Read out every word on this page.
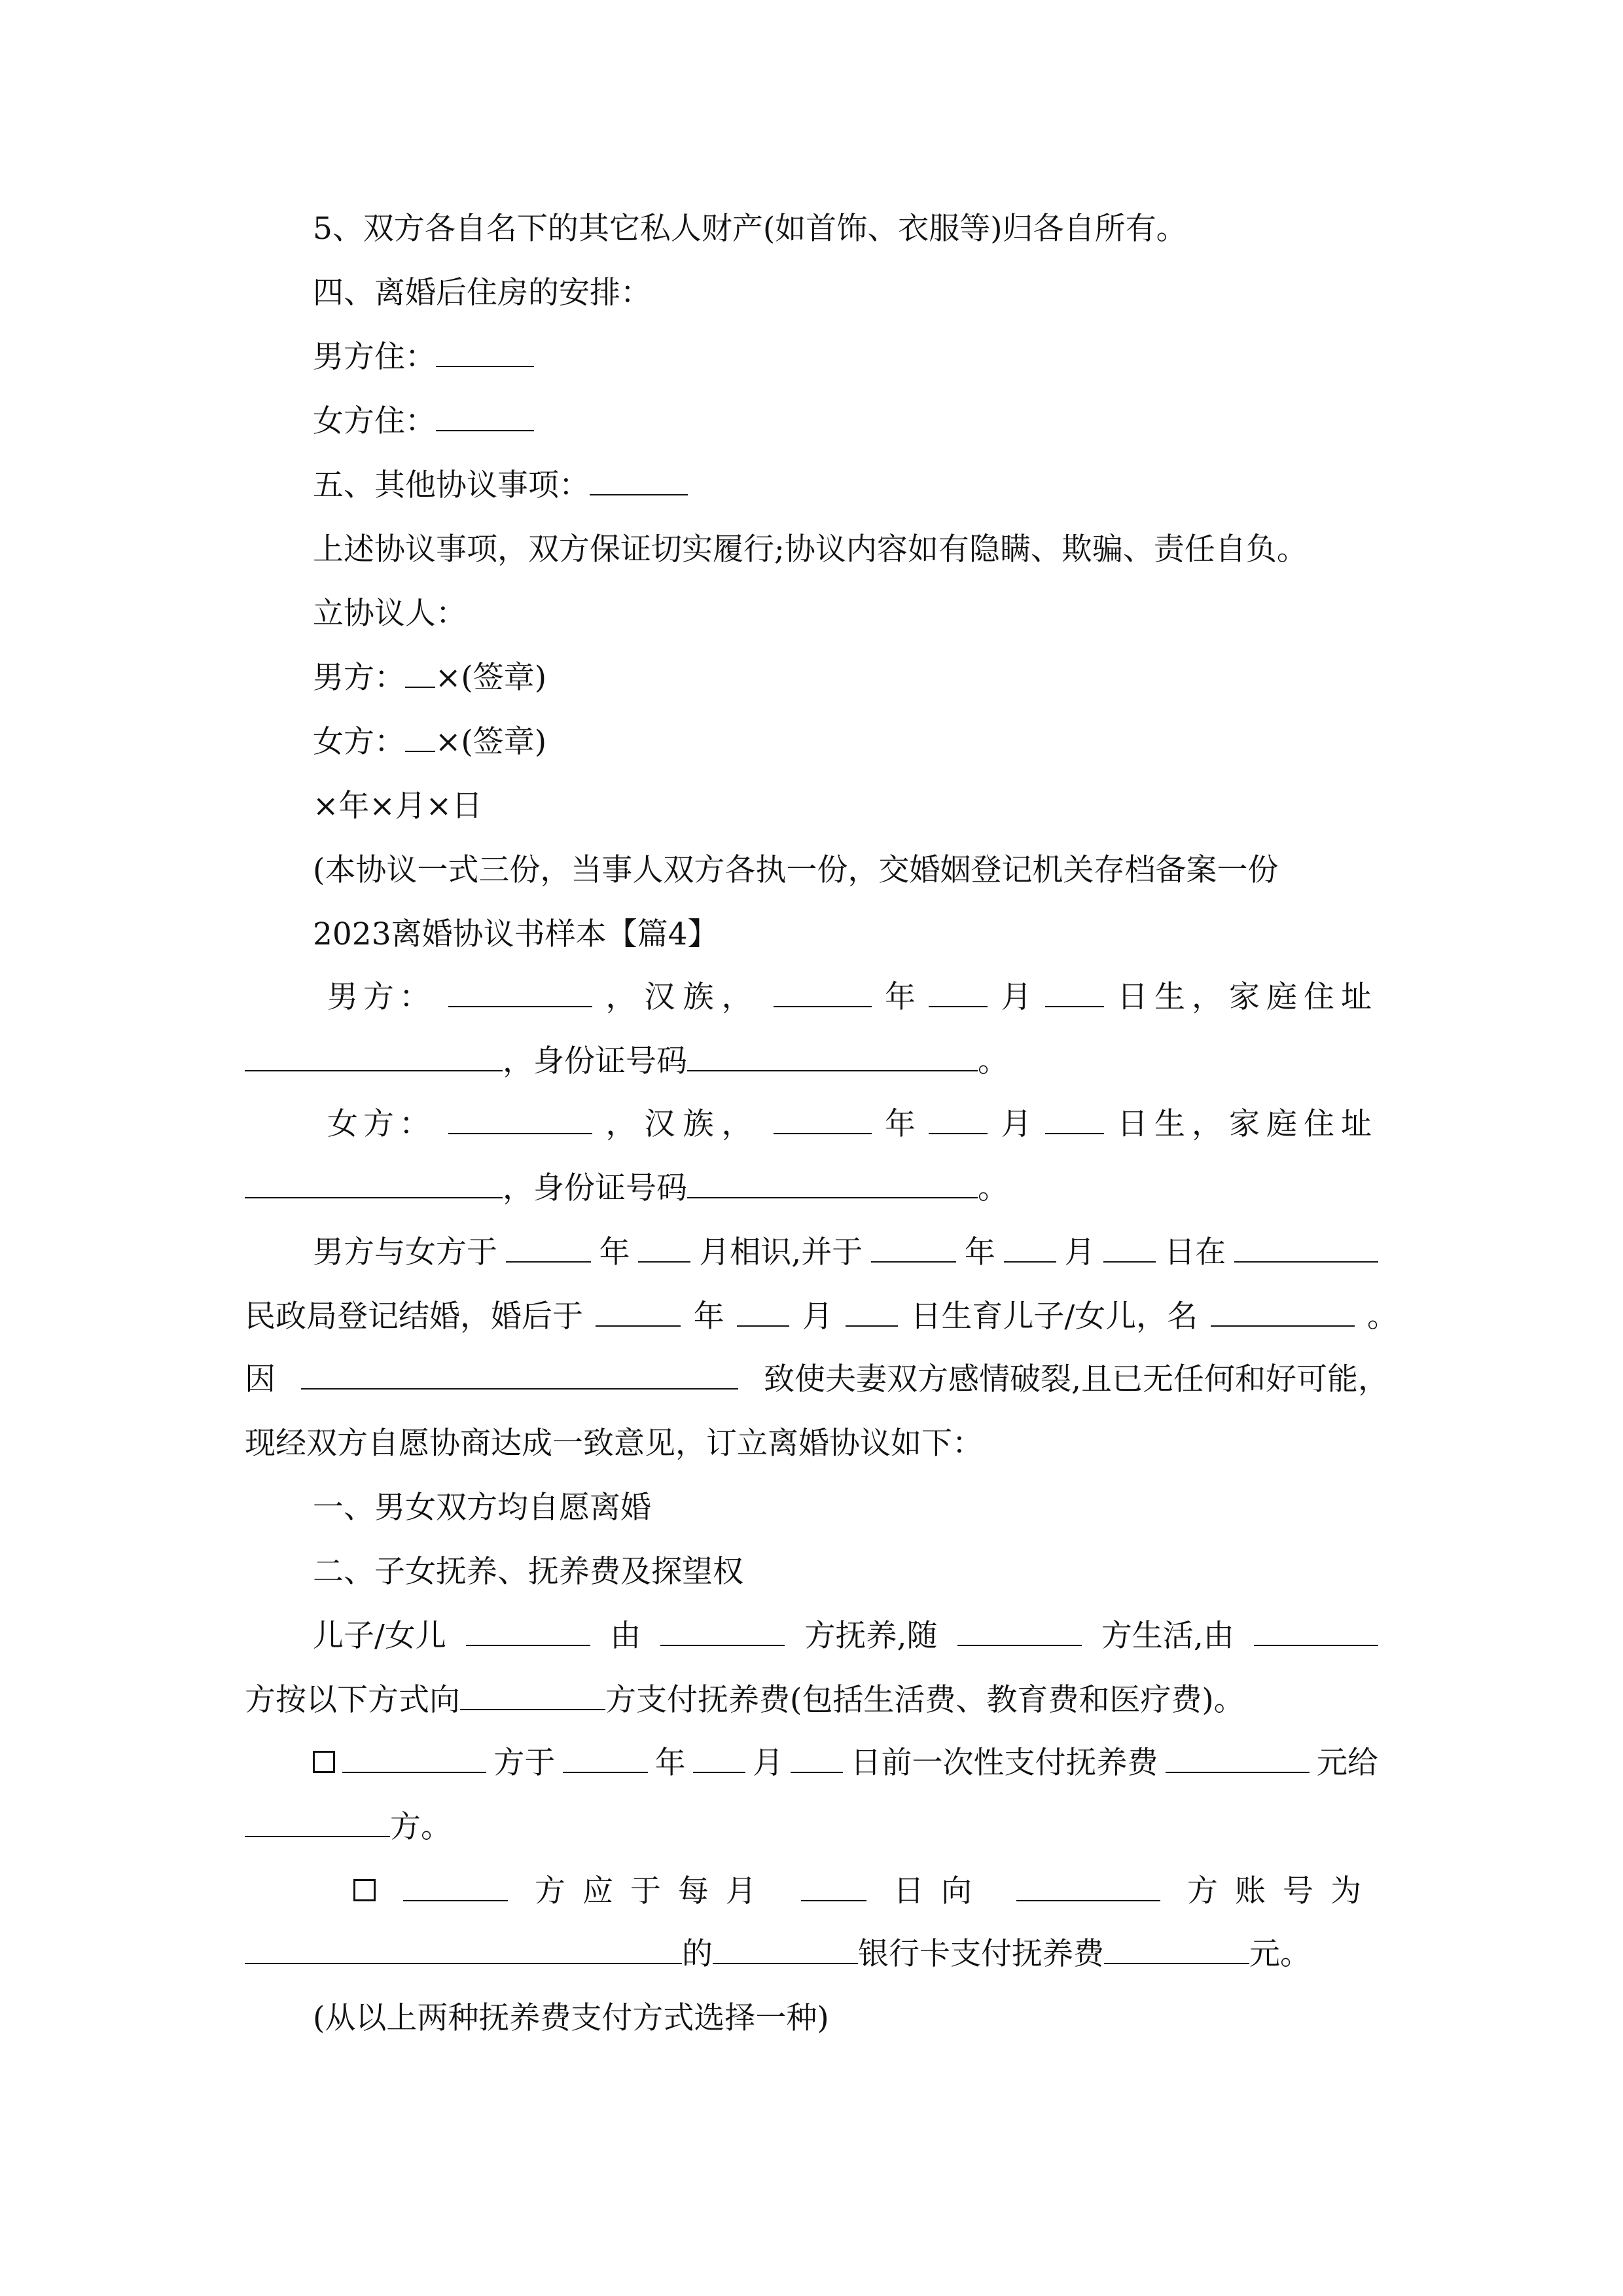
5、双方各自名下的其它私人财产(如首饰、衣服等)归各自所有。
四、离婚后住房的安排：
男方住：
女方住：
五、其他协议事项：
上述协议事项，双方保证切实履行;协议内容如有隐瞒、欺骗、责任自负。
立协议人：
男方： ×(签章)
女方： ×(签章)
×年×月×日
(本协议一式三份，当事人双方各执一份，交婚姻登记机关存档备案一份
2023离婚协议书样本【篇4】
男方：	，汉族，	年	月	日生，家庭住址
，身份证号码	。
女方：	，汉族，	年	月	日生，家庭住址
，身份证号码	。
男方与女方于	年 月相识,并于	年 月 日在
民政局登记结婚，婚后于	年	月	日生育儿子/女儿，名	。
因	致使夫妻双方感情破裂,且已无任何和好可能，
现经双方自愿协商达成一致意见，订立离婚协议如下：
一、男女双方均自愿离婚
二、子女抚养、抚养费及探望权
儿子/女儿	由	方抚养,随	方生活,由
方按以下方式向	方支付抚养费(包括生活费、教育费和医疗费)。
方于	年 月 日前一次性支付抚养费	元给
方。
方应于每月	日向	方账号为
的	银行卡支付抚养费	元。
(从以上两种抚养费支付方式选择一种)
